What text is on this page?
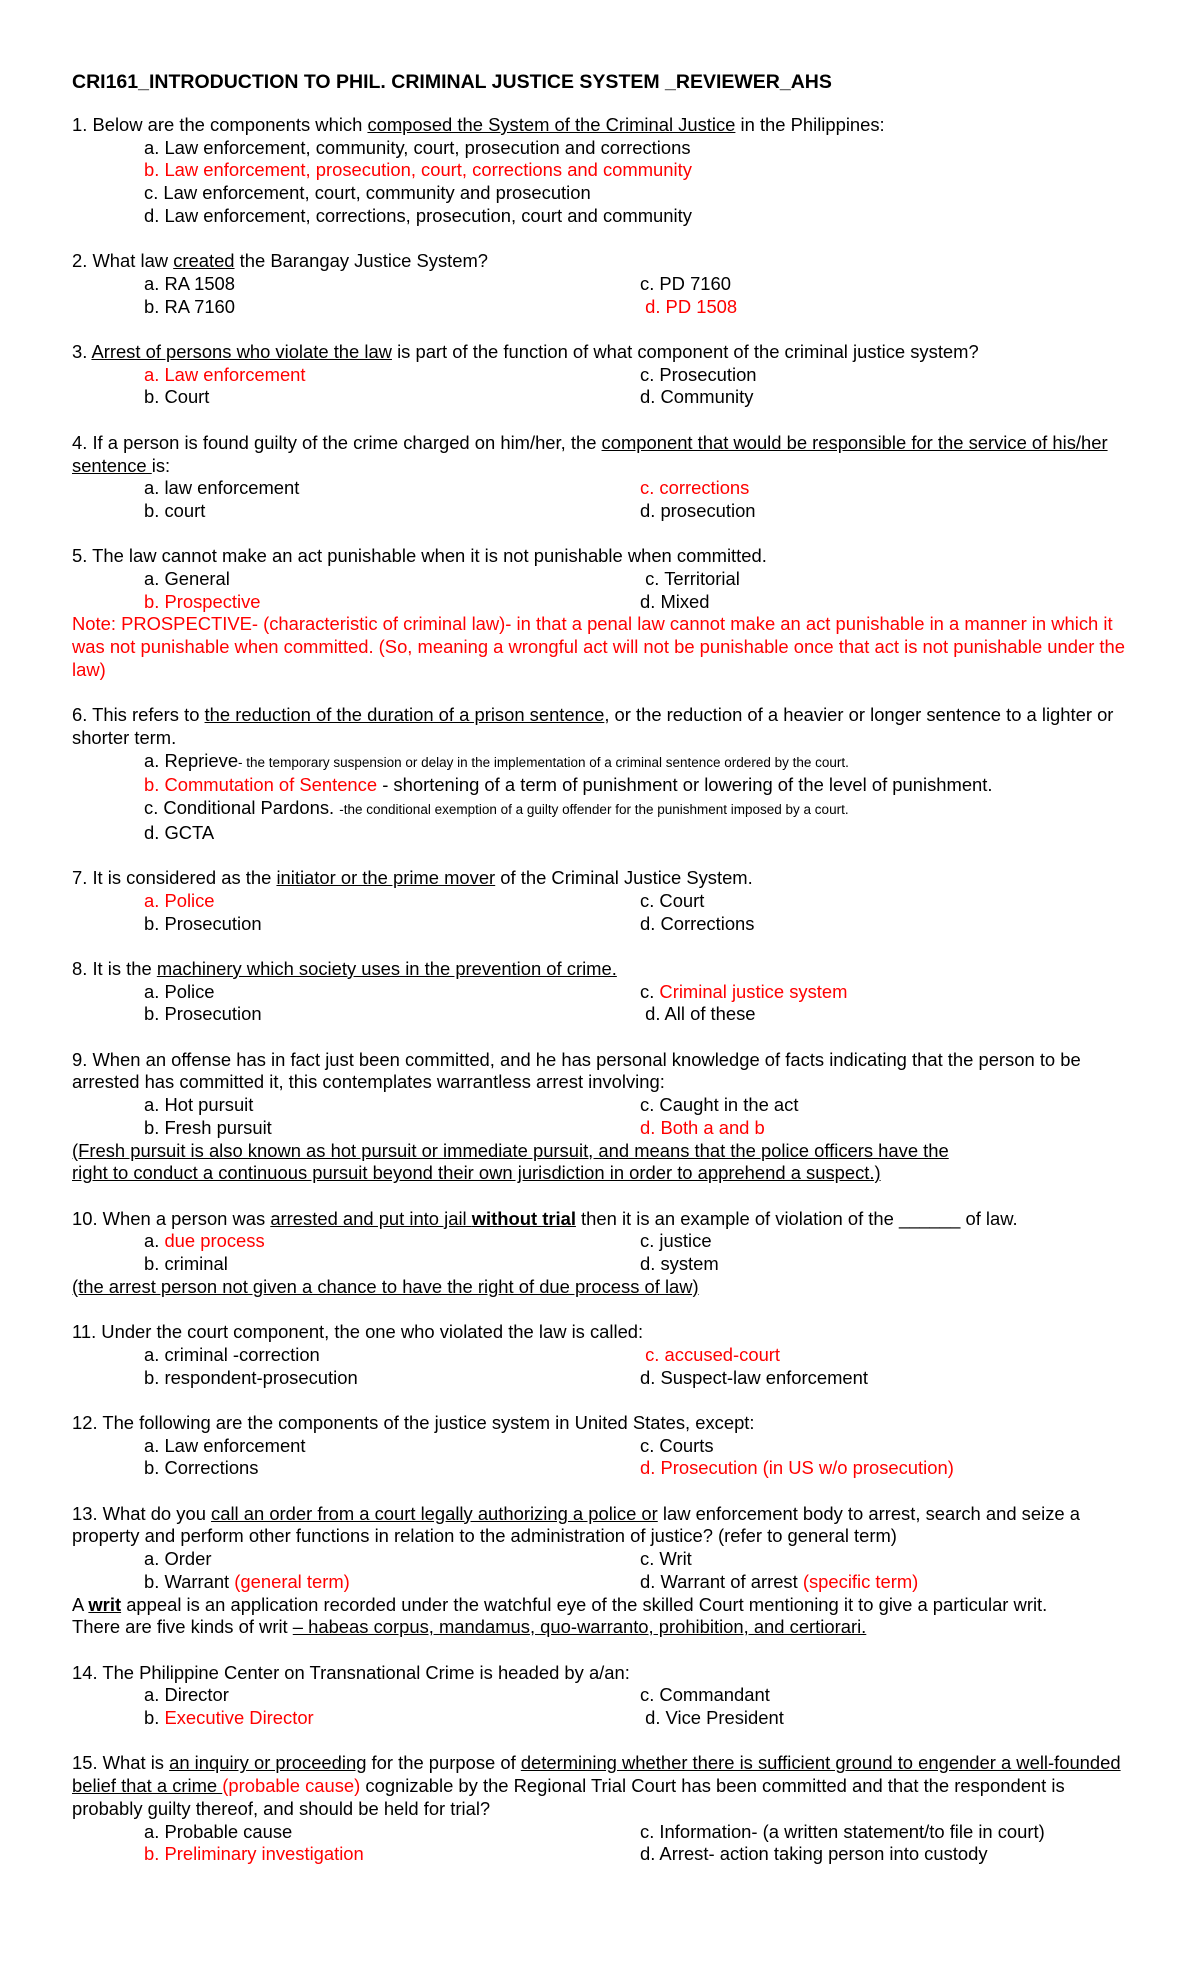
CRI161_INTRODUCTION TO PHIL. CRIMINAL JUSTICE SYSTEM _REVIEWER_AHS

1. Below are the components which composed the System of the Criminal Justice in the Philippines:

a. Law enforcement, community, court, prosecution and corrections
b. Law enforcement, prosecution, court, corrections and community
c. Law enforcement, court, community and prosecution
d. Law enforcement, corrections, prosecution, court and community

2. What law created the Barangay Justice System?

a. RA 1508	c. PD 7160
b. RA 7160	d. PD 1508

3. Arrest of persons who violate the law is part of the function of what component of the criminal justice system?

a. Law enforcement	c. Prosecution
b. Court	d. Community

4. If a person is found guilty of the crime charged on him/her, the component that would be responsible for the service of his/her sentence is:

a. law enforcement	c. corrections
b. court	d. prosecution

5. The law cannot make an act punishable when it is not punishable when committed.

a. General	c. Territorial
b. Prospective	d. Mixed

Note: PROSPECTIVE- (characteristic of criminal law)- in that a penal law cannot make an act punishable in a manner in which it was not punishable when committed. (So, meaning a wrongful act will not be punishable once that act is not punishable under the law)

6. This refers to the reduction of the duration of a prison sentence, or the reduction of a heavier or longer sentence to a lighter or shorter term.

a. Reprieve- the temporary suspension or delay in the implementation of a criminal sentence ordered by the court.
b. Commutation of Sentence - shortening of a term of punishment or lowering of the level of punishment.
c. Conditional Pardons. -the conditional exemption of a guilty offender for the punishment imposed by a court.
d. GCTA

7. It is considered as the initiator or the prime mover of the Criminal Justice System.

a. Police	c. Court
b. Prosecution	d. Corrections

8. It is the machinery which society uses in the prevention of crime.

a. Police	c. Criminal justice system
b. Prosecution	d. All of these

9. When an offense has in fact just been committed, and he has personal knowledge of facts indicating that the person to be arrested has committed it, this contemplates warrantless arrest involving:

a. Hot pursuit	c. Caught in the act
b. Fresh pursuit	d. Both a and b
(Fresh pursuit is also known as hot pursuit or immediate pursuit, and means that the police officers have the
right to conduct a continuous pursuit beyond their own jurisdiction in order to apprehend a suspect.)

10. When a person was arrested and put into jail without trial then it is an example of violation of the ______ of law.

a. due process	c. justice
b. criminal	d. system
(the arrest person not given a chance to have the right of due process of law)

11. Under the court component, the one who violated the law is called:

a. criminal -correction	c. accused-court
b. respondent-prosecution	d. Suspect-law enforcement

12. The following are the components of the justice system in United States, except:

a. Law enforcement	c. Courts
b. Corrections	d. Prosecution (in US w/o prosecution)

13. What do you call an order from a court legally authorizing a police or law enforcement body to arrest, search and seize a property and perform other functions in relation to the administration of justice? (refer to general term)

a. Order	c. Writ
b. Warrant (general term)	d. Warrant of arrest (specific term)
A writ appeal is an application recorded under the watchful eye of the skilled Court mentioning it to give a particular writ.
There are five kinds of writ – habeas corpus, mandamus, quo-warranto, prohibition, and certiorari.

14. The Philippine Center on Transnational Crime is headed by a/an:

a. Director	c. Commandant
b. Executive Director	d. Vice President

15. What is an inquiry or proceeding for the purpose of determining whether there is sufficient ground to engender a well-founded belief that a crime (probable cause) cognizable by the Regional Trial Court has been committed and that the respondent is probably guilty thereof, and should be held for trial?

a. Probable cause	c. Information- (a written statement/to file in court)
b. Preliminary investigation	d. Arrest- action taking person into custody
